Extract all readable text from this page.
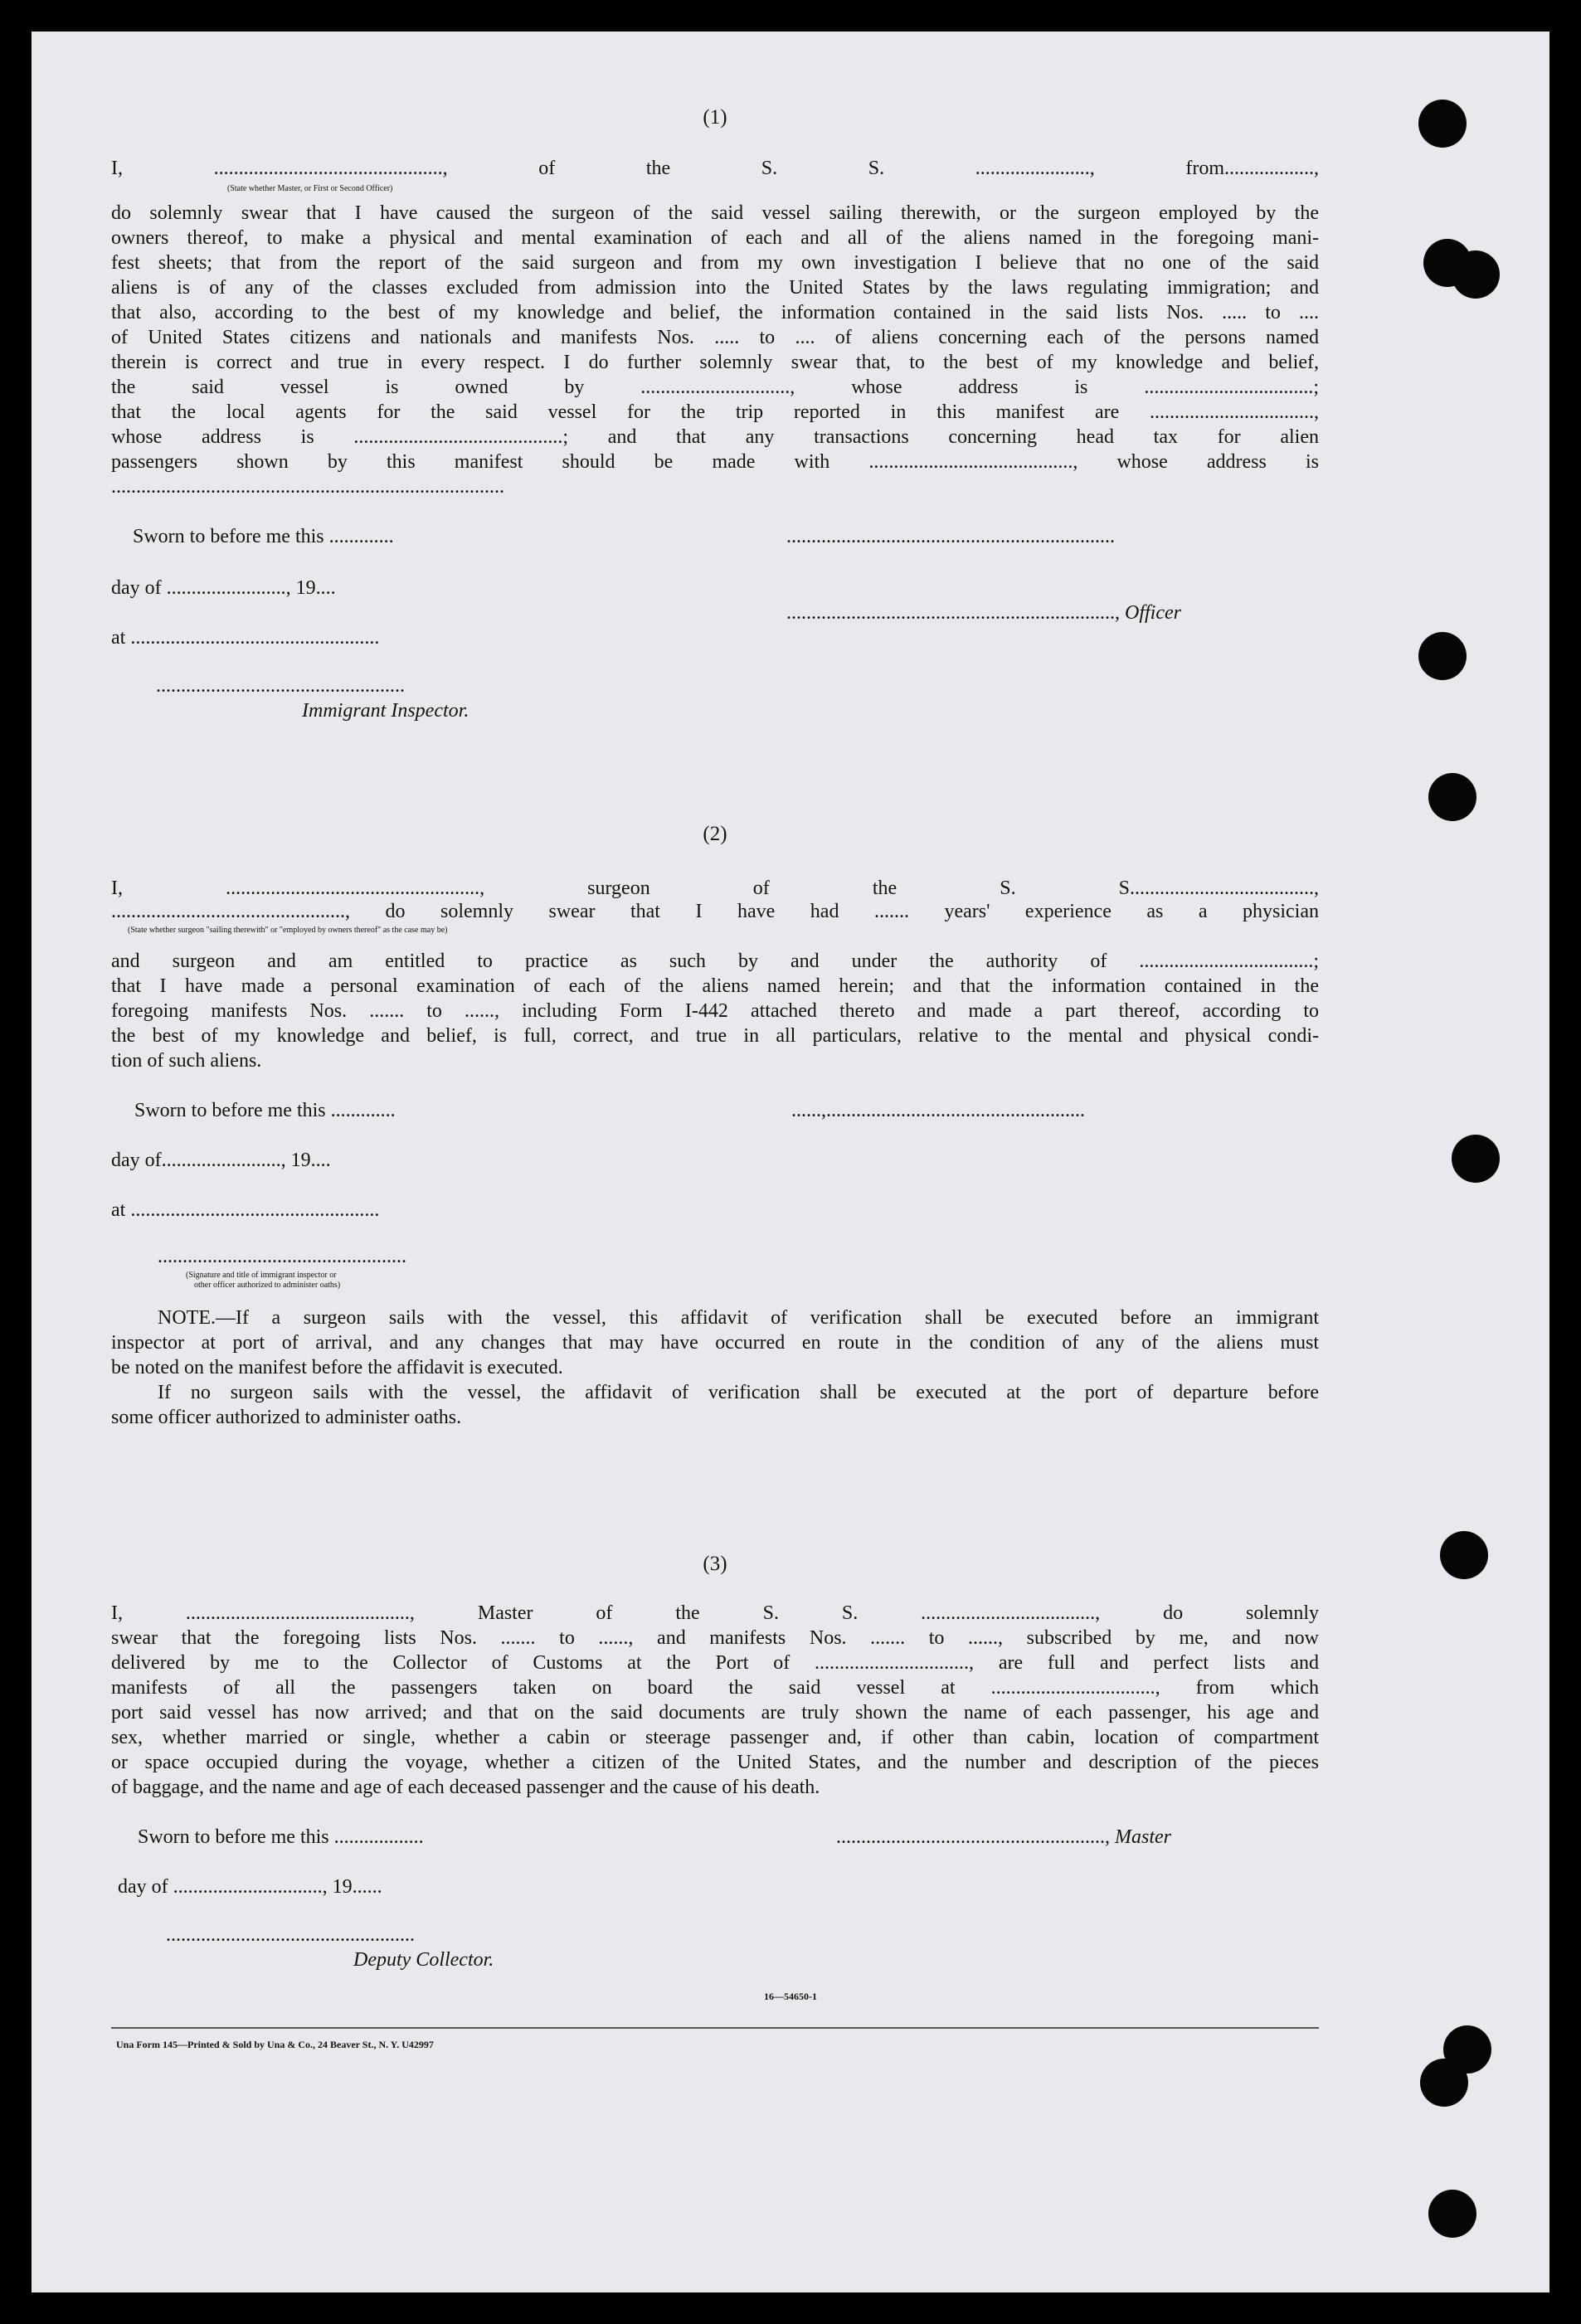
(1)
I, .............................................., of the S. S. ......................., from..................,
(State whether Master, or First or Second Officer)
do solemnly swear that I have caused the surgeon of the said vessel sailing therewith, or the surgeon employed by the
owners thereof, to make a physical and mental examination of each and all of the aliens named in the foregoing mani-
fest sheets; that from the report of the said surgeon and from my own investigation I believe that no one of the said
aliens is of any of the classes excluded from admission into the United States by the laws regulating immigration; and
that also, according to the best of my knowledge and belief, the information contained in the said lists Nos. ..... to ....
of United States citizens and nationals and manifests Nos. ..... to .... of aliens concerning each of the persons named
therein is correct and true in every respect. I do further solemnly swear that, to the best of my knowledge and belief,
the said vessel is owned by .............................., whose address is ..................................;
that the local agents for the said vessel for the trip reported in this manifest are .................................,
whose address is ..........................................; and that any transactions concerning head tax for alien
passengers shown by this manifest should be made with ........................................., whose address is
...............................................................................
Sworn to before me this .............	..................................................................
day of ........................, 19....
.................................................................., Officer
at ..................................................
..................................................
Immigrant Inspector.
(2)
I, ..................................................., surgeon of the S. S.....................................,
..............................................., do solemnly swear that I have had ....... years' experience as a physician
(State whether surgeon "sailing therewith" or "employed by owners thereof" as the case may be)
and surgeon and am entitled to practice as such by and under the authority of ...................................;
that I have made a personal examination of each of the aliens named herein; and that the information contained in the
foregoing manifests Nos. ....... to ......, including Form I-442 attached thereto and made a part thereof, according to
the best of my knowledge and belief, is full, correct, and true in all particulars, relative to the mental and physical condi-
tion of such aliens.
Sworn to before me this .............	......,....................................................
day of........................, 19....
at ..................................................
..................................................
(Signature and title of immigrant inspector or
other officer authorized to administer oaths)
NOTE.—If a surgeon sails with the vessel, this affidavit of verification shall be executed before an immigrant
inspector at port of arrival, and any changes that may have occurred en route in the condition of any of the aliens must
be noted on the manifest before the affidavit is executed.
If no surgeon sails with the vessel, the affidavit of verification shall be executed at the port of departure before
some officer authorized to administer oaths.
(3)
I, ............................................., Master of the S. S. ..................................., do solemnly
swear that the foregoing lists Nos. ....... to ......, and manifests Nos. ....... to ......, subscribed by me, and now
delivered by me to the Collector of Customs at the Port of ..............................., are full and perfect lists and
manifests of all the passengers taken on board the said vessel at ................................., from which
port said vessel has now arrived; and that on the said documents are truly shown the name of each passenger, his age and
sex, whether married or single, whether a cabin or steerage passenger and, if other than cabin, location of compartment
or space occupied during the voyage, whether a citizen of the United States, and the number and description of the pieces
of baggage, and the name and age of each deceased passenger and the cause of his death.
Sworn to before me this ..................	......................................................, Master
day of .............................., 19......
..................................................
Deputy Collector.
16—54650-1
Una Form 145—Printed & Sold by Una & Co., 24 Beaver St., N. Y. U42997
